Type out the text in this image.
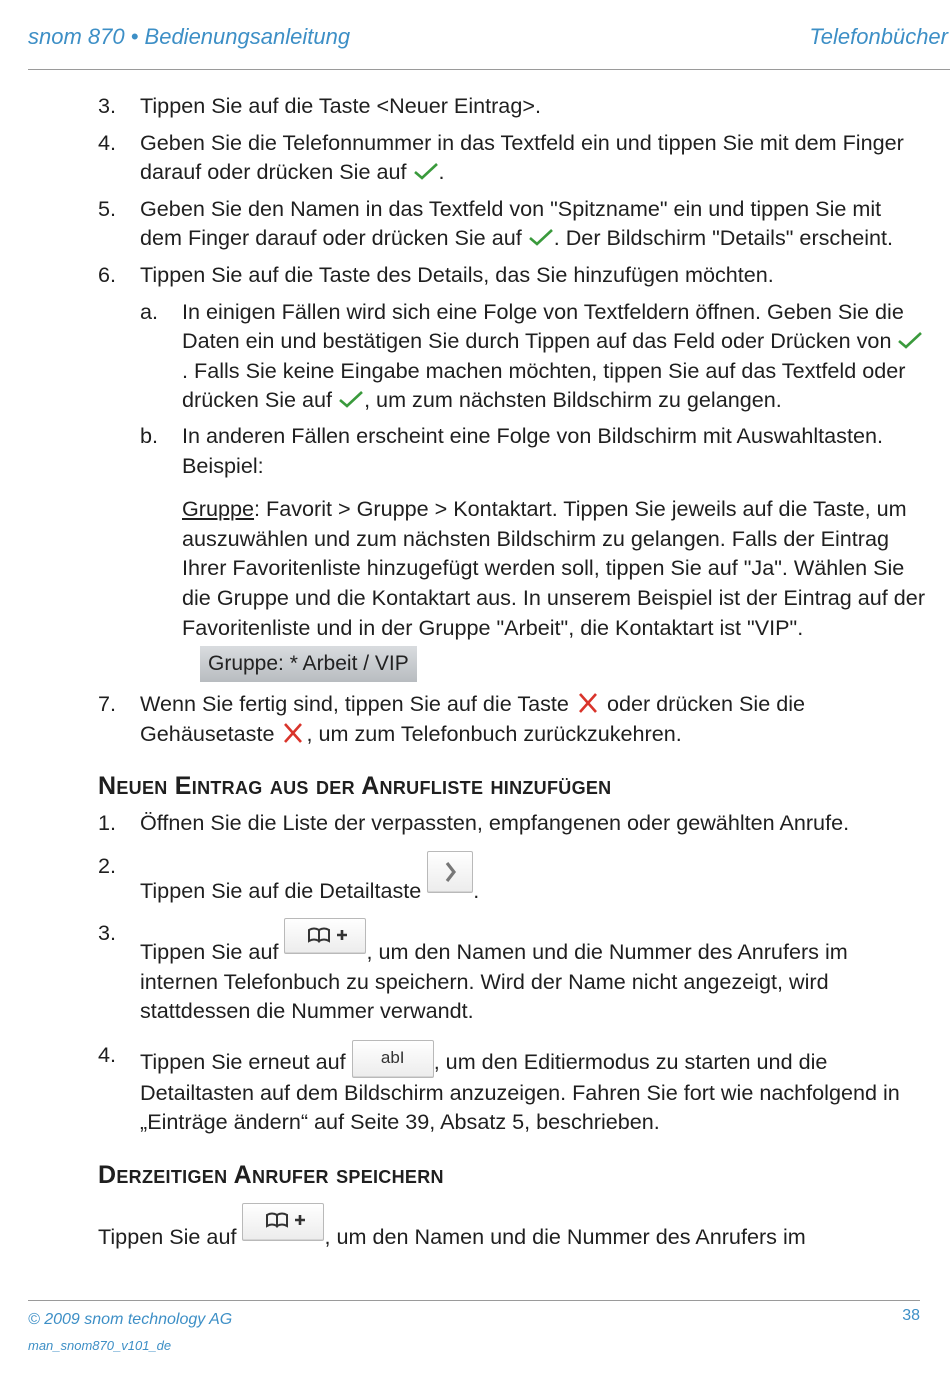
snom 870 • Bedienungsanleitung	Telefonbücher
3. Tippen Sie auf die Taste <Neuer Eintrag>.
4. Geben Sie die Telefonnummer in das Textfeld ein und tippen Sie mit dem Finger darauf oder drücken Sie auf .
5. Geben Sie den Namen in das Textfeld von "Spitzname" ein und tippen Sie mit dem Finger darauf oder drücken Sie auf . Der Bildschirm "Details" erscheint.
6. Tippen Sie auf die Taste des Details, das Sie hinzufügen möchten.
a. In einigen Fällen wird sich eine Folge von Textfeldern öffnen. Geben Sie die Daten ein und bestätigen Sie durch Tippen auf das Feld oder Drücken von . Falls Sie keine Eingabe machen möchten, tippen Sie auf das Textfeld oder drücken Sie auf , um zum nächsten Bildschirm zu gelangen.
b. In anderen Fällen erscheint eine Folge von Bildschirm mit Auswahltasten. Beispiel:
Gruppe: Favorit > Gruppe > Kontaktart. Tippen Sie jeweils auf die Taste, um auszuwählen und zum nächsten Bildschirm zu gelangen. Falls der Eintrag Ihrer Favoritenliste hinzugefügt werden soll, tippen Sie auf "Ja". Wählen Sie die Gruppe und die Kontaktart aus. In unserem Beispiel ist der Eintrag auf der Favoritenliste und in der Gruppe "Arbeit", die Kontaktart ist "VIP".Gruppe: * Arbeit / VIP
7. Wenn Sie fertig sind, tippen Sie auf die Taste oder drücken Sie die Gehäusetaste , um zum Telefonbuch zurückzukehren.
Neuen Eintrag aus der Anrufliste hinzufügen
1. Öffnen Sie die Liste der verpassten, empfangenen oder gewählten Anrufe.
2.
Tippen Sie auf die Detailtaste .
3.
Tippen Sie auf	, um den Namen und die Nummer des Anrufers im internen Telefonbuch zu speichern. Wird der Name nicht angezeigt, wird stattdessen die Nummer verwandt.
4. Tippen Sie erneut auf abI , um den Editiermodus zu starten und die Detailtasten auf dem Bildschirm anzuzeigen. Fahren Sie fort wie nachfolgend in „Einträge ändern“ auf Seite 39, Absatz 5, beschrieben.
Derzeitigen Anrufer speichern
Tippen Sie auf	, um den Namen und die Nummer des Anrufers im
© 2009 snom technology AG
man_snom870_v101_de
38
